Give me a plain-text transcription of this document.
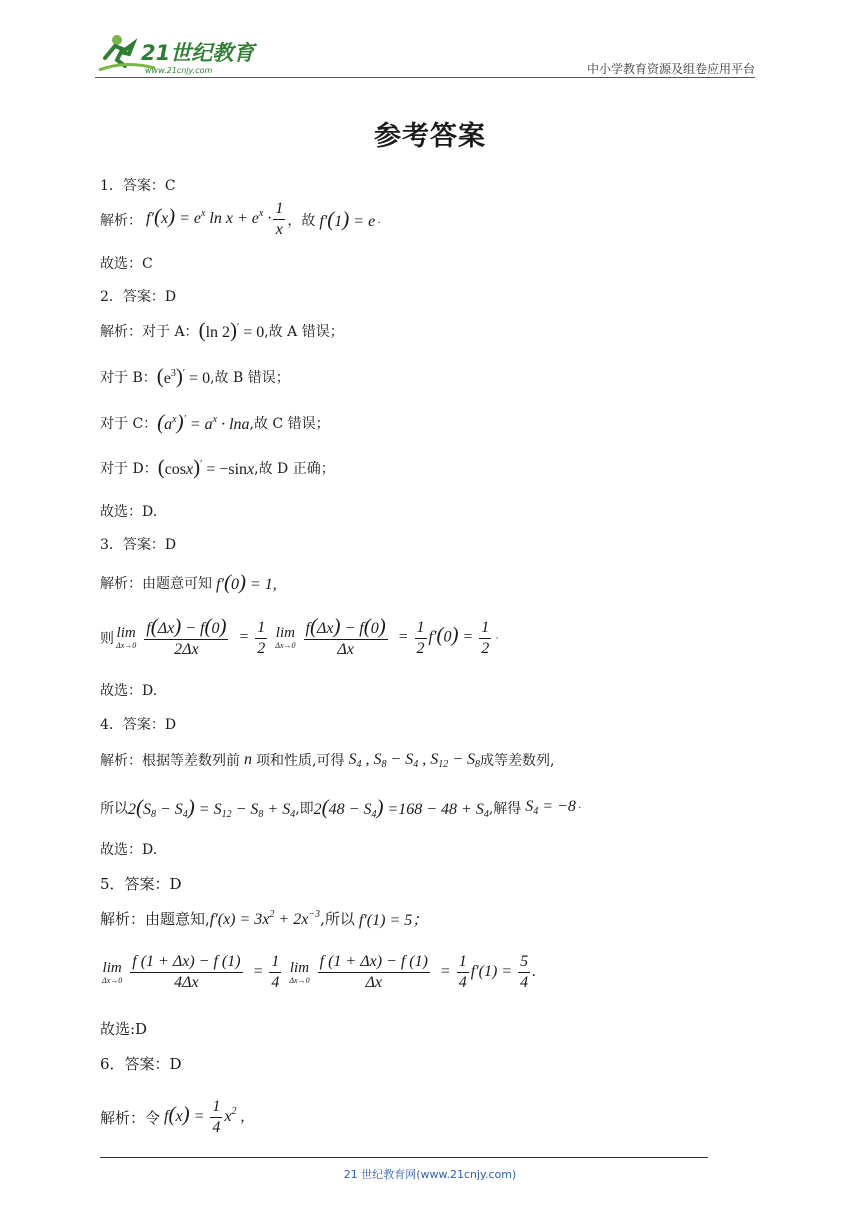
21世纪教育
www.21cnjy.com	中小学教育资源及组卷应用平台
参考答案
1．答案：C
解析： $f'(x) = e^x$ $\ln x + e^x \cdot \frac{1}{x}$ ，故 f′(1) = e ·
故选：C
2．答案：D
解析：对于 A： (ln 2)′ = 0 ,故 A 错误；
对于 B： $(e^3)' = 0$ ,故 B 错误；
对于 C： $(a^x)' = a^x \cdot \ln a$ ,故 C 错误；
对于 D： (cosx)′ = −sinx ,故 D 正确；
故选：D.
3．答案：D
解析：由题意可知 f′(0) = 1,
则 lim
Δx→0
$\frac{f(\Delta x) - f(0)}{2\Delta x} = \frac{1}{2}$
lim
Δx→0
$\frac{f(\Delta x) - f(0)}{\Delta x} = \frac{1}{2} f'(0) = \frac{1}{2}$ ·
故选：D.
4．答案：D
解析：根据等差数列前 n 项和性质,可得 $S_4$ , $S_8 - S_4$ , $S_{12} - S_8$ 成等差数列,
所以 $2(S_8 - S_4) = S_{12} - S_8 + S_4$ ,即 $2(48 - S_4) =168 - 48 + S_4$ ,解得 $S_4 = -8$ ·
故选：D.
5．答案：D
解析：由题意知, $f'(x) = 3x^2 + 2x^{-3}$ ,所以 f′(1) = 5；
lim
Δx→0
$\frac{f (1 + \Delta x) - f (1)}{4\Delta x} = \frac{1}{4}$
lim
Δx→0
$\frac{f (1 + \Delta x) - f (1)}{\Delta x} = \frac{1}{4} f'(1) = \frac{5}{4}$ .
故选:D
6．答案：D
解析：令 $f(x) = \frac{1}{4} x^2$ ,
21 世纪教育网(www.21cnjy.com)
